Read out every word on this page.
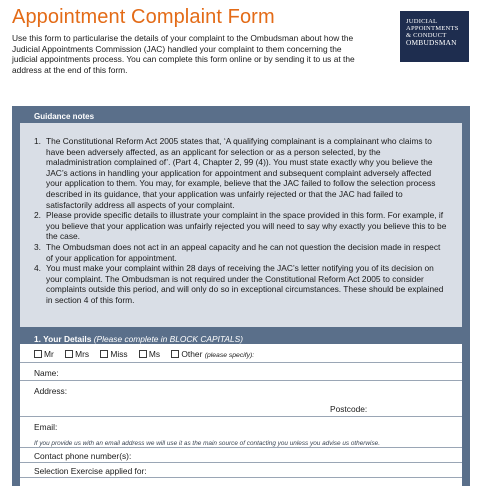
Appointment Complaint Form

Use this form to particularise the details of your complaint to the Ombudsman about how the Judicial Appointments Commission (JAC) handled your complaint to them concerning the judicial appointments process. You can complete this form online or by sending it to us at the address at the end of this form.

JUDICIAL
APPOINTMENTS
& CONDUCT
OMBUDSMAN
Guidance notes
1. The Constitutional Reform Act 2005 states that, ‘A qualifying complainant is a complainant who claims to have been adversely affected, as an applicant for selection or as a person selected, by the maladministration complained of’. (Part 4, Chapter 2, 99 (4)). You must state exactly why you believe the JAC’s actions in handling your application for appointment and subsequent complaint adversely affected your application to them. You may, for example, believe that the JAC failed to follow the selection process described in its guidance, that your application was unfairly rejected or that the JAC had failed to satisfactorily address all aspects of your complaint.
2. Please provide specific details to illustrate your complaint in the space provided in this form. For example, if you believe that your application was unfairly rejected you will need to say why exactly you believe this to be the case.
3. The Ombudsman does not act in an appeal capacity and he can not question the decision made in respect of your application for appointment.
4. You must make your complaint within 28 days of receiving the JAC’s letter notifying you of its decision on your complaint. The Ombudsman is not required under the Constitutional Reform Act 2005 to consider complaints outside this period, and will only do so in exceptional circumstances. These should be explained in section 4 of this form.
1. Your Details (Please complete in BLOCK CAPITALS)
Mr	Mrs	Miss	Ms	Other (please specify):
Name:
Address:
Postcode:
Email:
If you provide us with an email address we will use it as the main source of contacting you unless you advise us otherwise.
Contact phone number(s):
Selection Exercise applied for:
2. Complaint
